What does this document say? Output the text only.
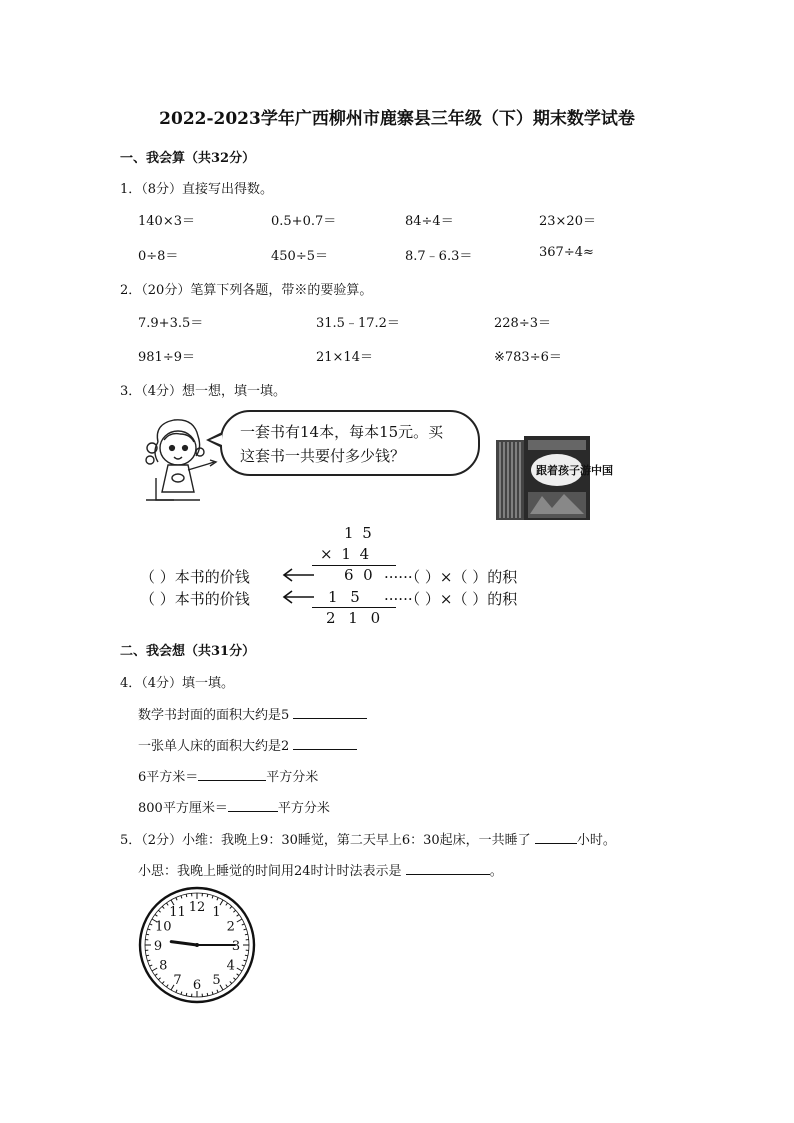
2022-2023学年广西柳州市鹿寨县三年级（下）期末数学试卷
一、我会算（共32分）
1．（8分）直接写出得数。
140×3＝	0.5+0.7＝	84÷4＝	23×20＝
0÷8＝	450÷5＝	8.7﹣6.3＝	367÷4≈
2．（20分）笔算下列各题，带※的要验算。
7.9+3.5＝	31.5﹣17.2＝	228÷3＝
981÷9＝	21×14＝	※783÷6＝
3．（4分）想一想，填一填。
一套书有14本，每本15元。买
这套书一共要付多少钱？
跟着孩子游中国
1 5
× 1 4
6  0
1 5
2 1 0
（ ）本书的价钱
（ ）本书的价钱
······（ ）×（ ）的积
······（ ）×（ ）的积
二、我会想（共31分）
4．（4分）填一填。
数学书封面的面积大约是5
一张单人床的面积大约是2
6平方米＝	平方分米
800平方厘米＝	平方分米
5．（2分）小维：我晚上9：30睡觉，第二天早上6：30起床，一共睡了	小时。
小思：我晚上睡觉的时间用24时计时法表示是	。
12 1
2
3
4
5
6
7
8
9
10
11
